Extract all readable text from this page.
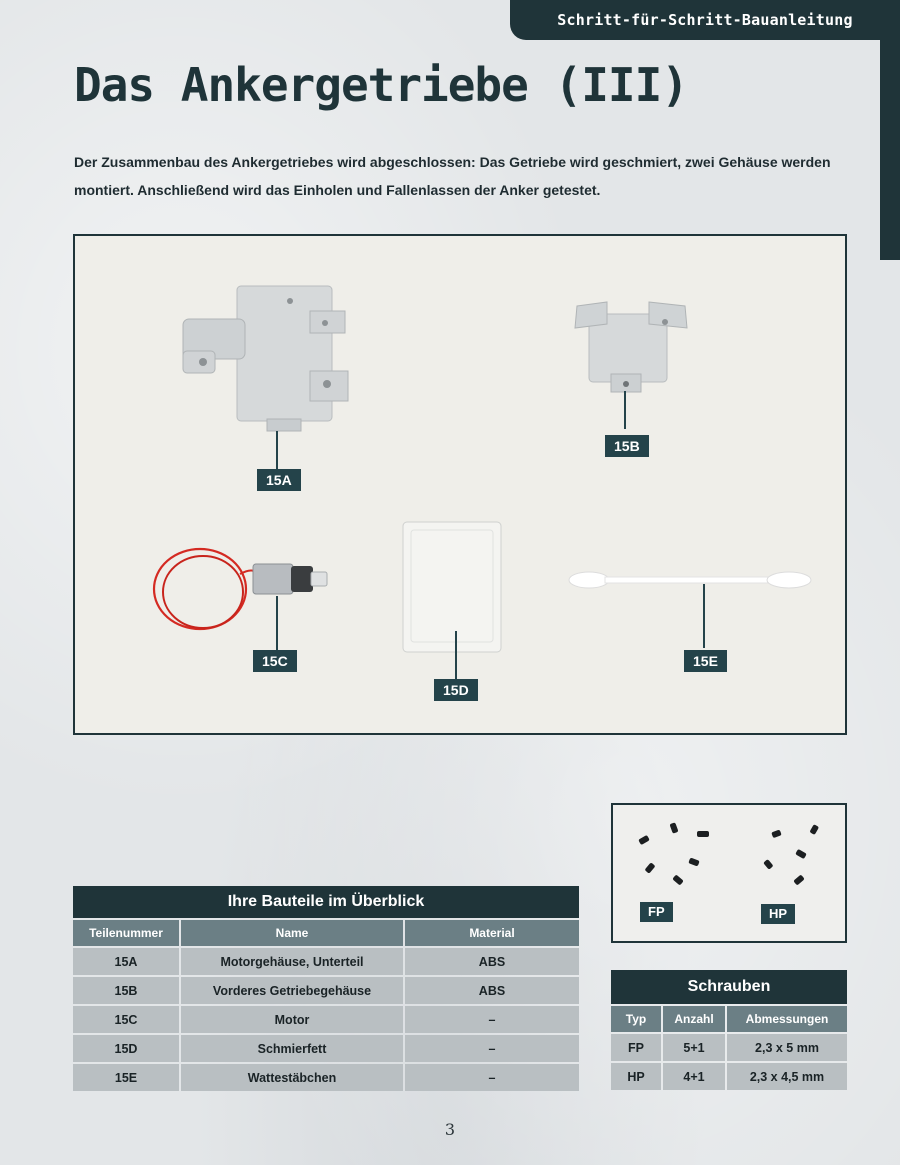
Schritt-für-Schritt-Bauanleitung
Das Ankergetriebe (III)

Der Zusammenbau des Ankergetriebes wird abgeschlossen: Das Getriebe wird geschmiert, zwei Gehäuse werden montiert. Anschließend wird das Einholen und Fallenlassen der Anker getestet.

15A
15B
15C
15D
15E
FP	HP
Ihre Bauteile im Überblick		
Teilenummer	Name	Material
15A	Motorgehäuse, Unterteil	ABS
15B	Vorderes Getriebegehäuse	ABS
15C	Motor	–
15D	Schmierfett	–
15E	Wattestäbchen	–
Schrauben		
Typ	Anzahl	Abmessungen
FP	5+1	2,3 x 5 mm
HP	4+1	2,3 x 4,5 mm
3
